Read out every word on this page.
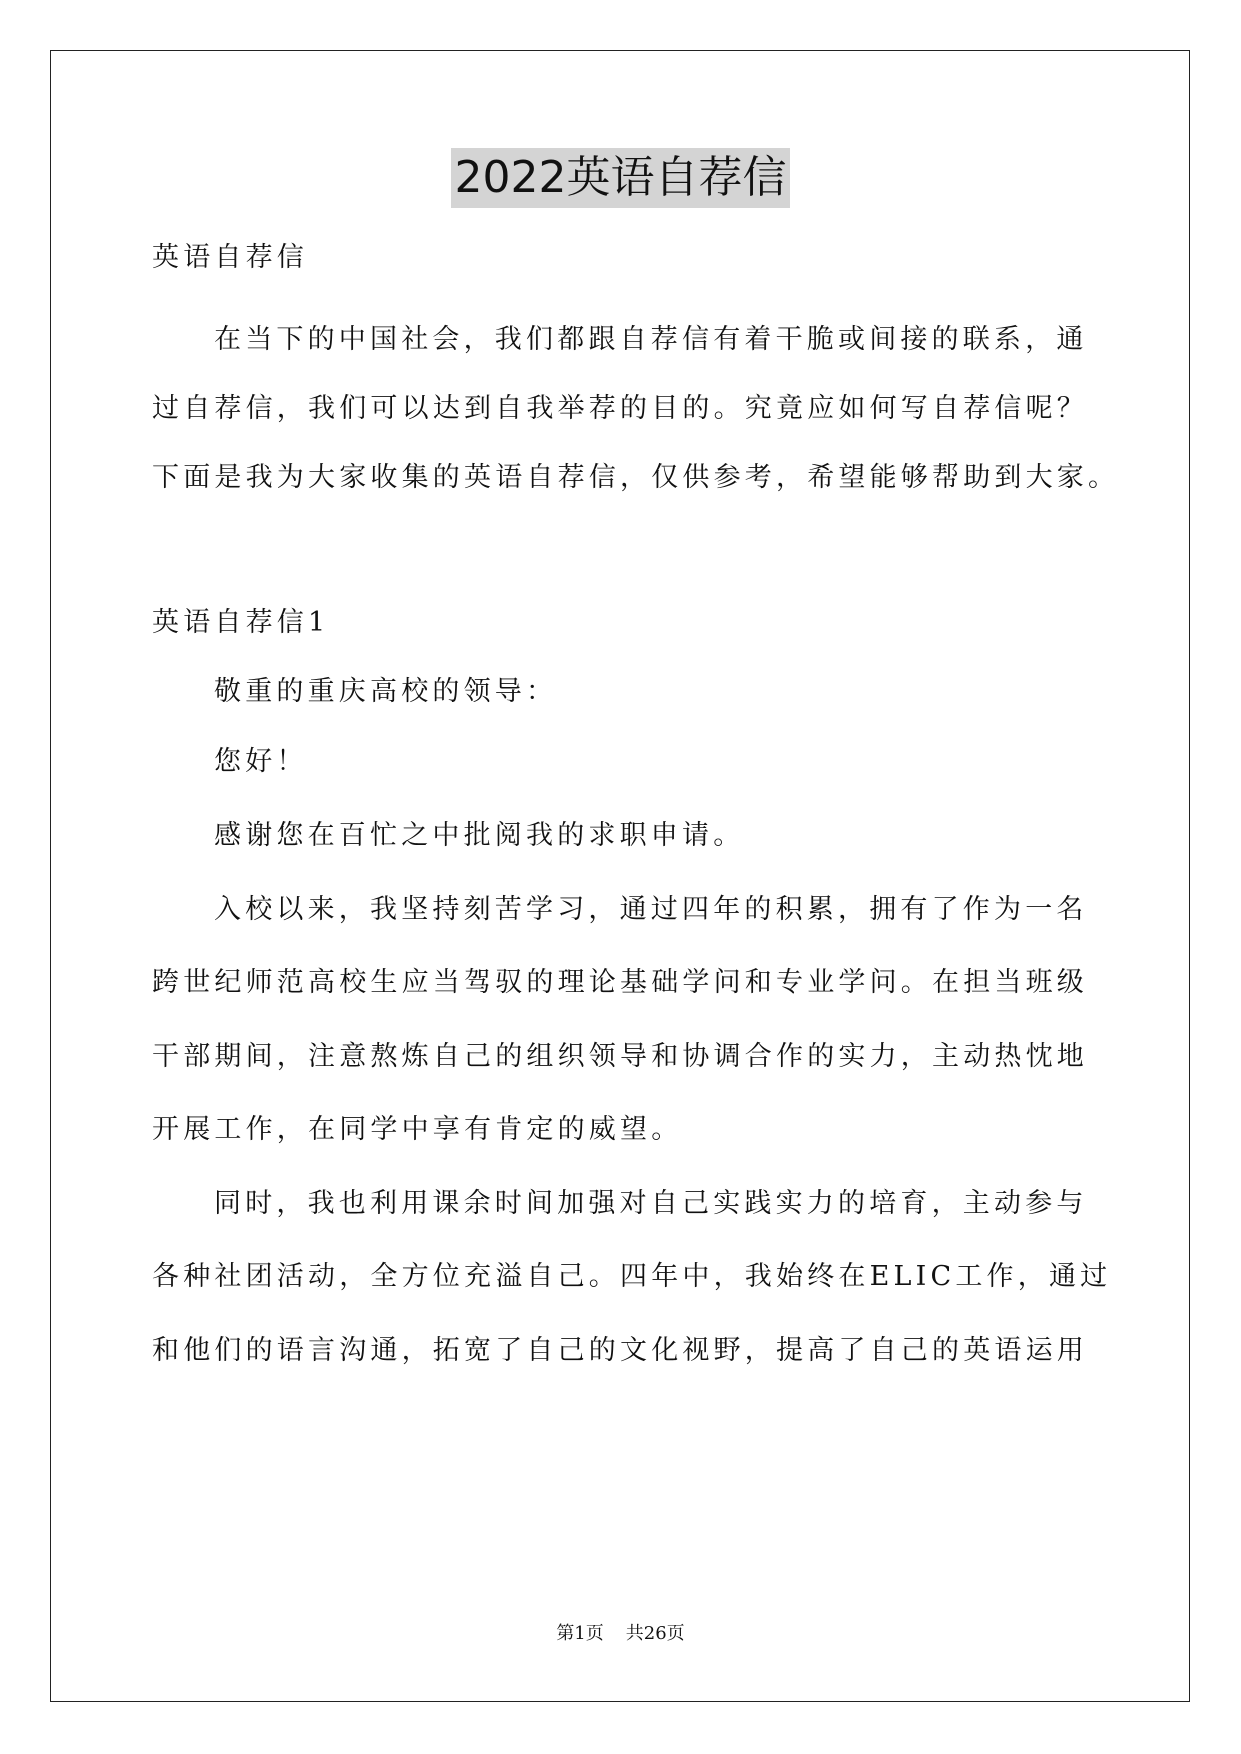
2022英语自荐信
英语自荐信
在当下的中国社会，我们都跟自荐信有着干脆或间接的联系，通
过自荐信，我们可以达到自我举荐的目的。究竟应如何写自荐信呢？
下面是我为大家收集的英语自荐信，仅供参考，希望能够帮助到大家。
英语自荐信1
敬重的重庆高校的领导：
您好！
感谢您在百忙之中批阅我的求职申请。
入校以来，我坚持刻苦学习，通过四年的积累，拥有了作为一名
跨世纪师范高校生应当驾驭的理论基础学问和专业学问。在担当班级
干部期间，注意熬炼自己的组织领导和协调合作的实力，主动热忱地
开展工作，在同学中享有肯定的威望。
同时，我也利用课余时间加强对自己实践实力的培育，主动参与
各种社团活动，全方位充溢自己。四年中，我始终在ELIC工作，通过
和他们的语言沟通，拓宽了自己的文化视野，提高了自己的英语运用
第1页 共26页
